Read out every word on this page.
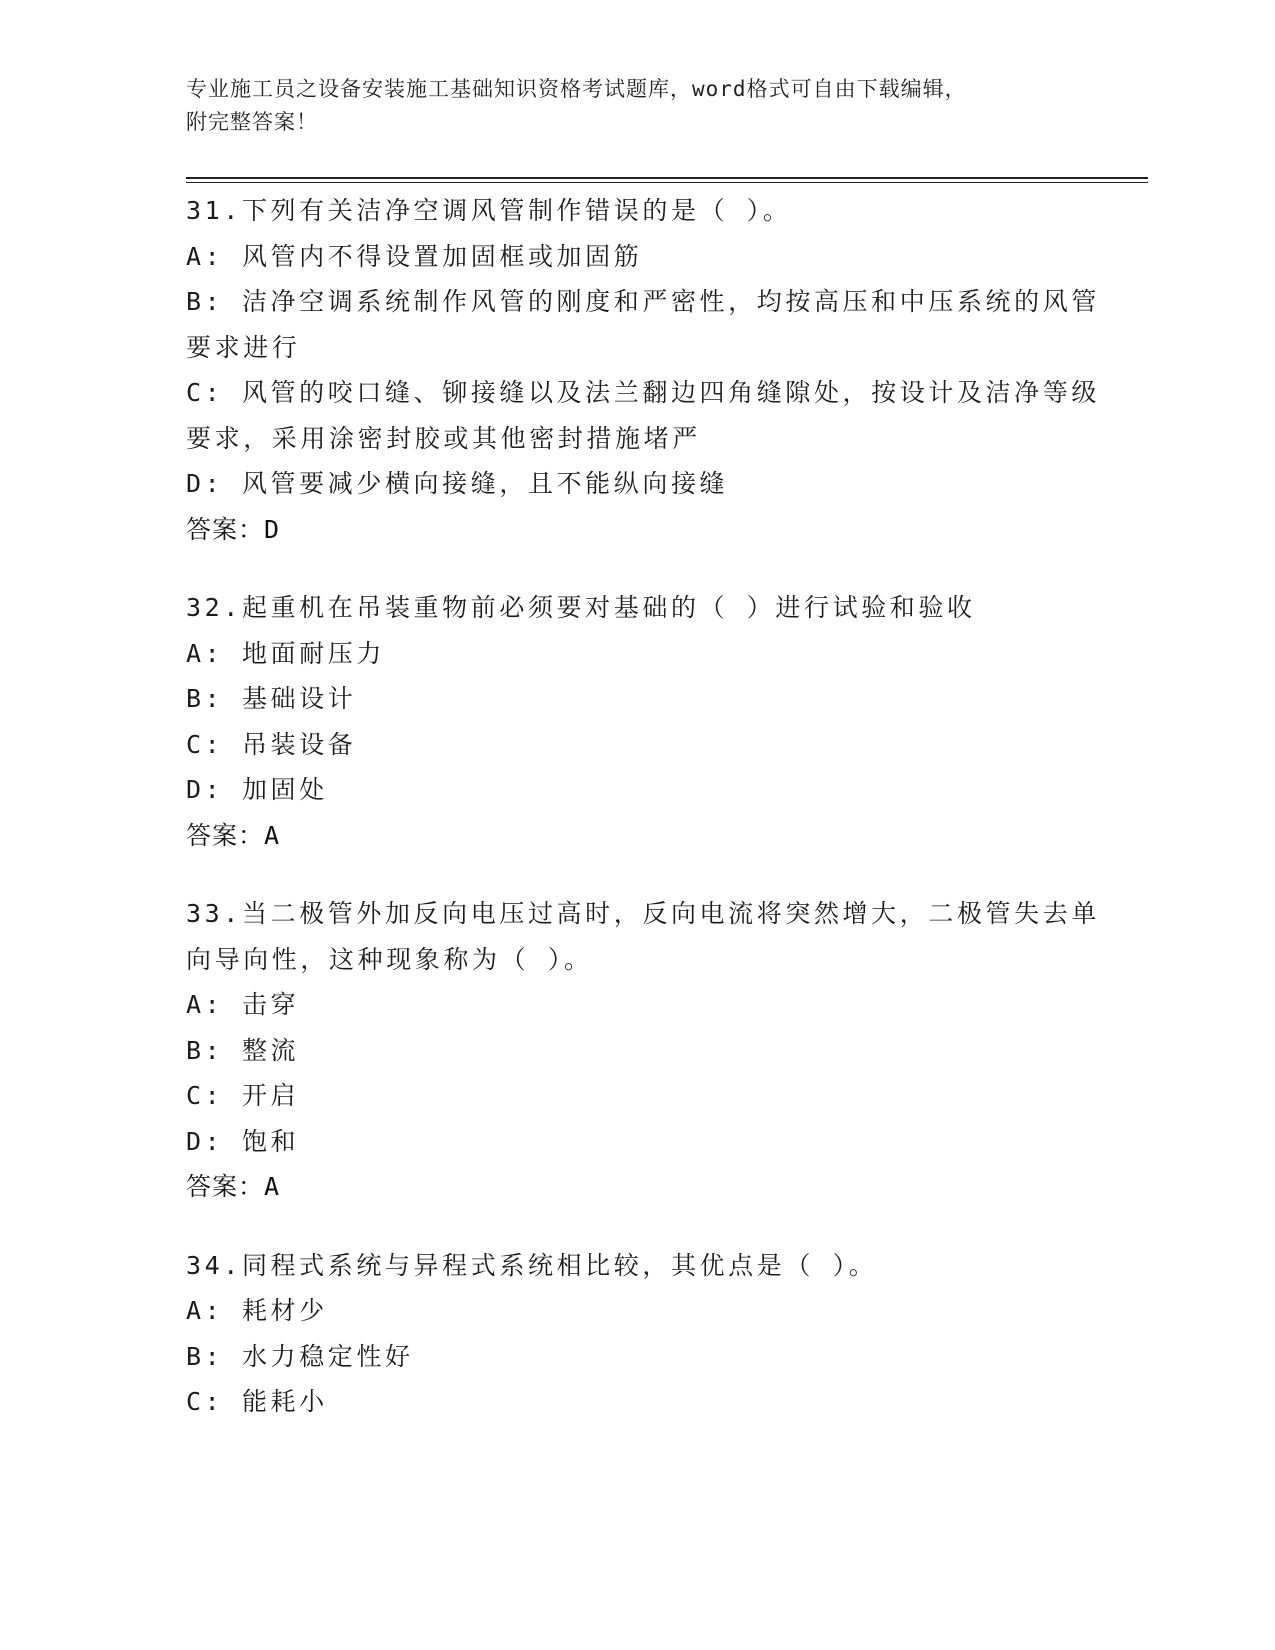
专业施工员之设备安装施工基础知识资格考试题库，word格式可自由下载编辑，
附完整答案！
31.下列有关洁净空调风管制作错误的是（ ）。
A: 风管内不得设置加固框或加固筋
B: 洁净空调系统制作风管的刚度和严密性，均按高压和中压系统的风管要求进行
C: 风管的咬口缝、铆接缝以及法兰翻边四角缝隙处，按设计及洁净等级要求，采用涂密封胶或其他密封措施堵严
D: 风管要减少横向接缝，且不能纵向接缝
答案：D
32.起重机在吊装重物前必须要对基础的（ ）进行试验和验收
A: 地面耐压力
B: 基础设计
C: 吊装设备
D: 加固处
答案：A
33.当二极管外加反向电压过高时，反向电流将突然增大，二极管失去单向导向性，这种现象称为（ ）。
A: 击穿
B: 整流
C: 开启
D: 饱和
答案：A
34.同程式系统与异程式系统相比较，其优点是（ ）。
A: 耗材少
B: 水力稳定性好
C: 能耗小
